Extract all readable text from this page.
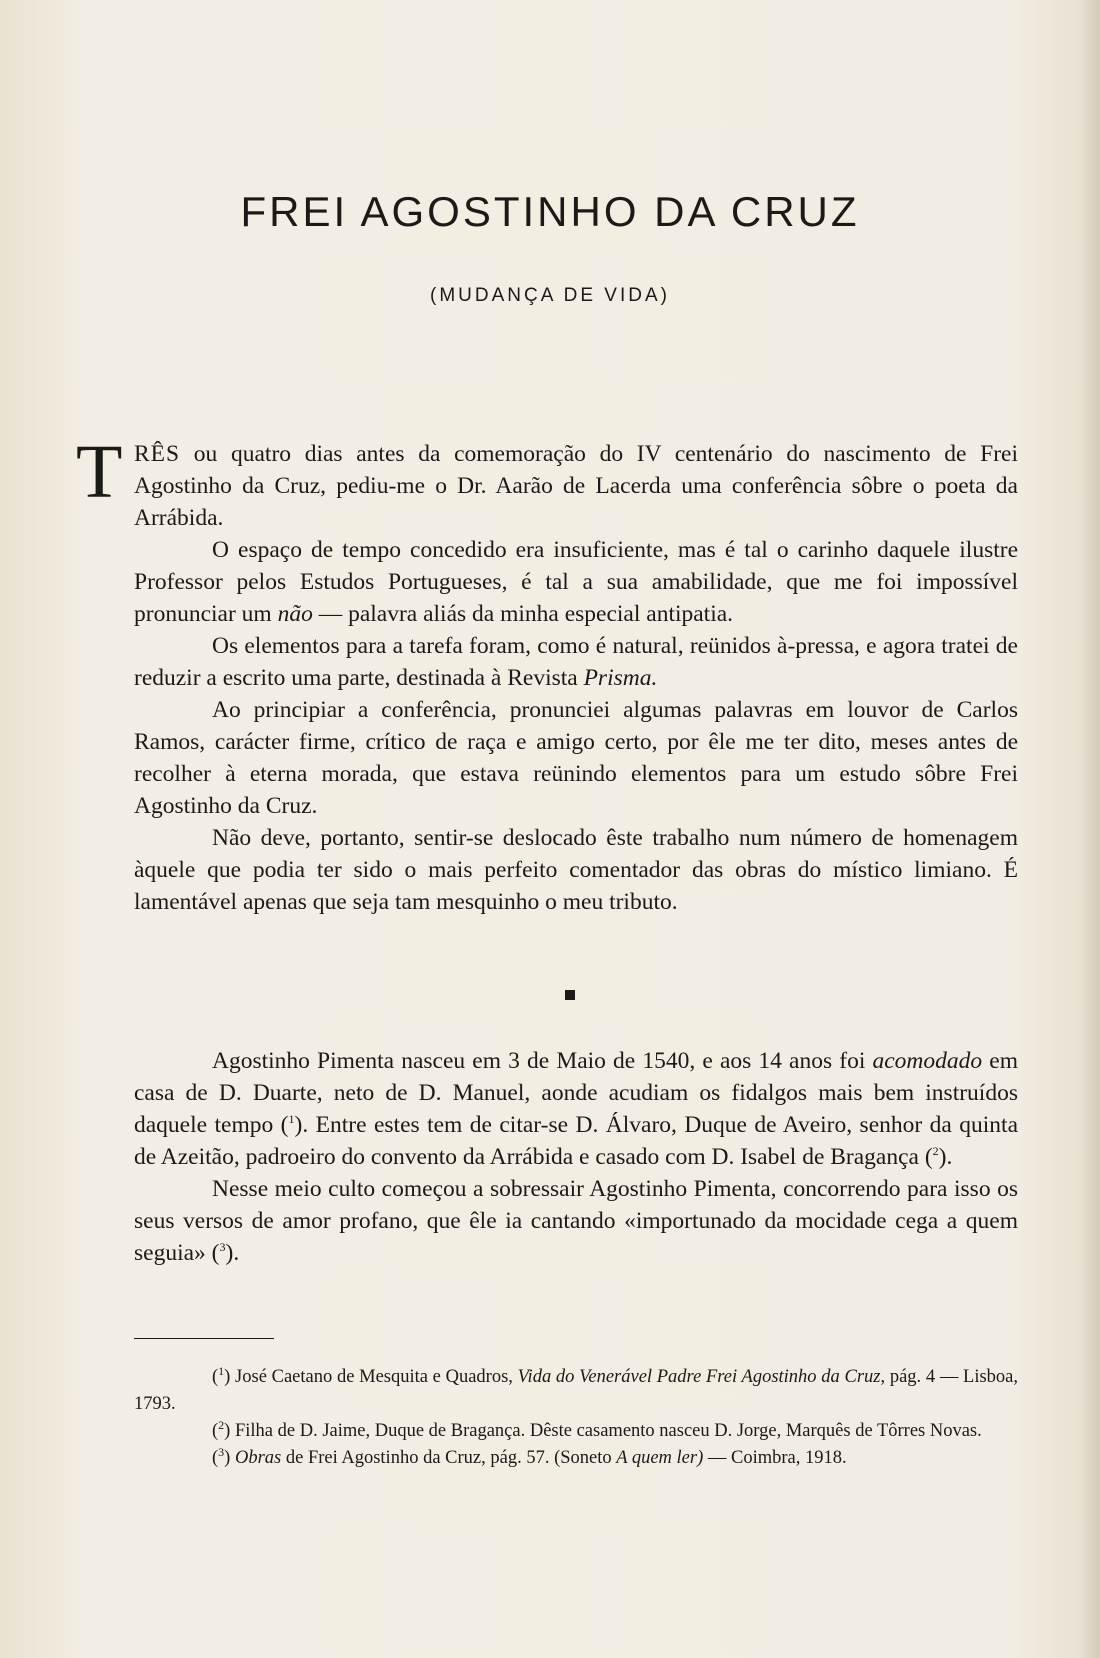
FREI AGOSTINHO DA CRUZ
(MUDANÇA DE VIDA)

TRÊS ou quatro dias antes da comemoração do IV centenário do nascimento de Frei Agostinho da Cruz, pediu-me o Dr. Aarão de Lacerda uma conferência sôbre o poeta da Arrábida.

O espaço de tempo concedido era insuficiente, mas é tal o carinho daquele ilustre Professor pelos Estudos Portugueses, é tal a sua amabilidade, que me foi impossível pronunciar um não — palavra aliás da minha especial antipatia.

Os elementos para a tarefa foram, como é natural, reünidos à-pressa, e agora tratei de reduzir a escrito uma parte, destinada à Revista Prisma.

Ao principiar a conferência, pronunciei algumas palavras em louvor de Carlos Ramos, carácter firme, crítico de raça e amigo certo, por êle me ter dito, meses antes de recolher à eterna morada, que estava reünindo elementos para um estudo sôbre Frei Agostinho da Cruz.

Não deve, portanto, sentir-se deslocado êste trabalho num número de homenagem àquele que podia ter sido o mais perfeito comentador das obras do místico limiano. É lamentável apenas que seja tam mesquinho o meu tributo.

Agostinho Pimenta nasceu em 3 de Maio de 1540, e aos 14 anos foi acomodado em casa de D. Duarte, neto de D. Manuel, aonde acudiam os fidalgos mais bem instruídos daquele tempo ($^1$). Entre estes tem de citar-se D. Álvaro, Duque de Aveiro, senhor da quinta de Azeitão, padroeiro do convento da Arrábida e casado com D. Isabel de Bragança ($^2$).

Nesse meio culto começou a sobressair Agostinho Pimenta, concorrendo para isso os seus versos de amor profano, que êle ia cantando «importunado da mocidade cega a quem seguia» ($^3$).

($^1$) José Caetano de Mesquita e Quadros, Vida do Venerável Padre Frei Agostinho da Cruz, pág. 4 — Lisboa, 1793.

($^2$) Filha de D. Jaime, Duque de Bragança. Dêste casamento nasceu D. Jorge, Marquês de Tôrres Novas.

($^3$) Obras de Frei Agostinho da Cruz, pág. 57. (Soneto A quem ler) — Coimbra, 1918.
